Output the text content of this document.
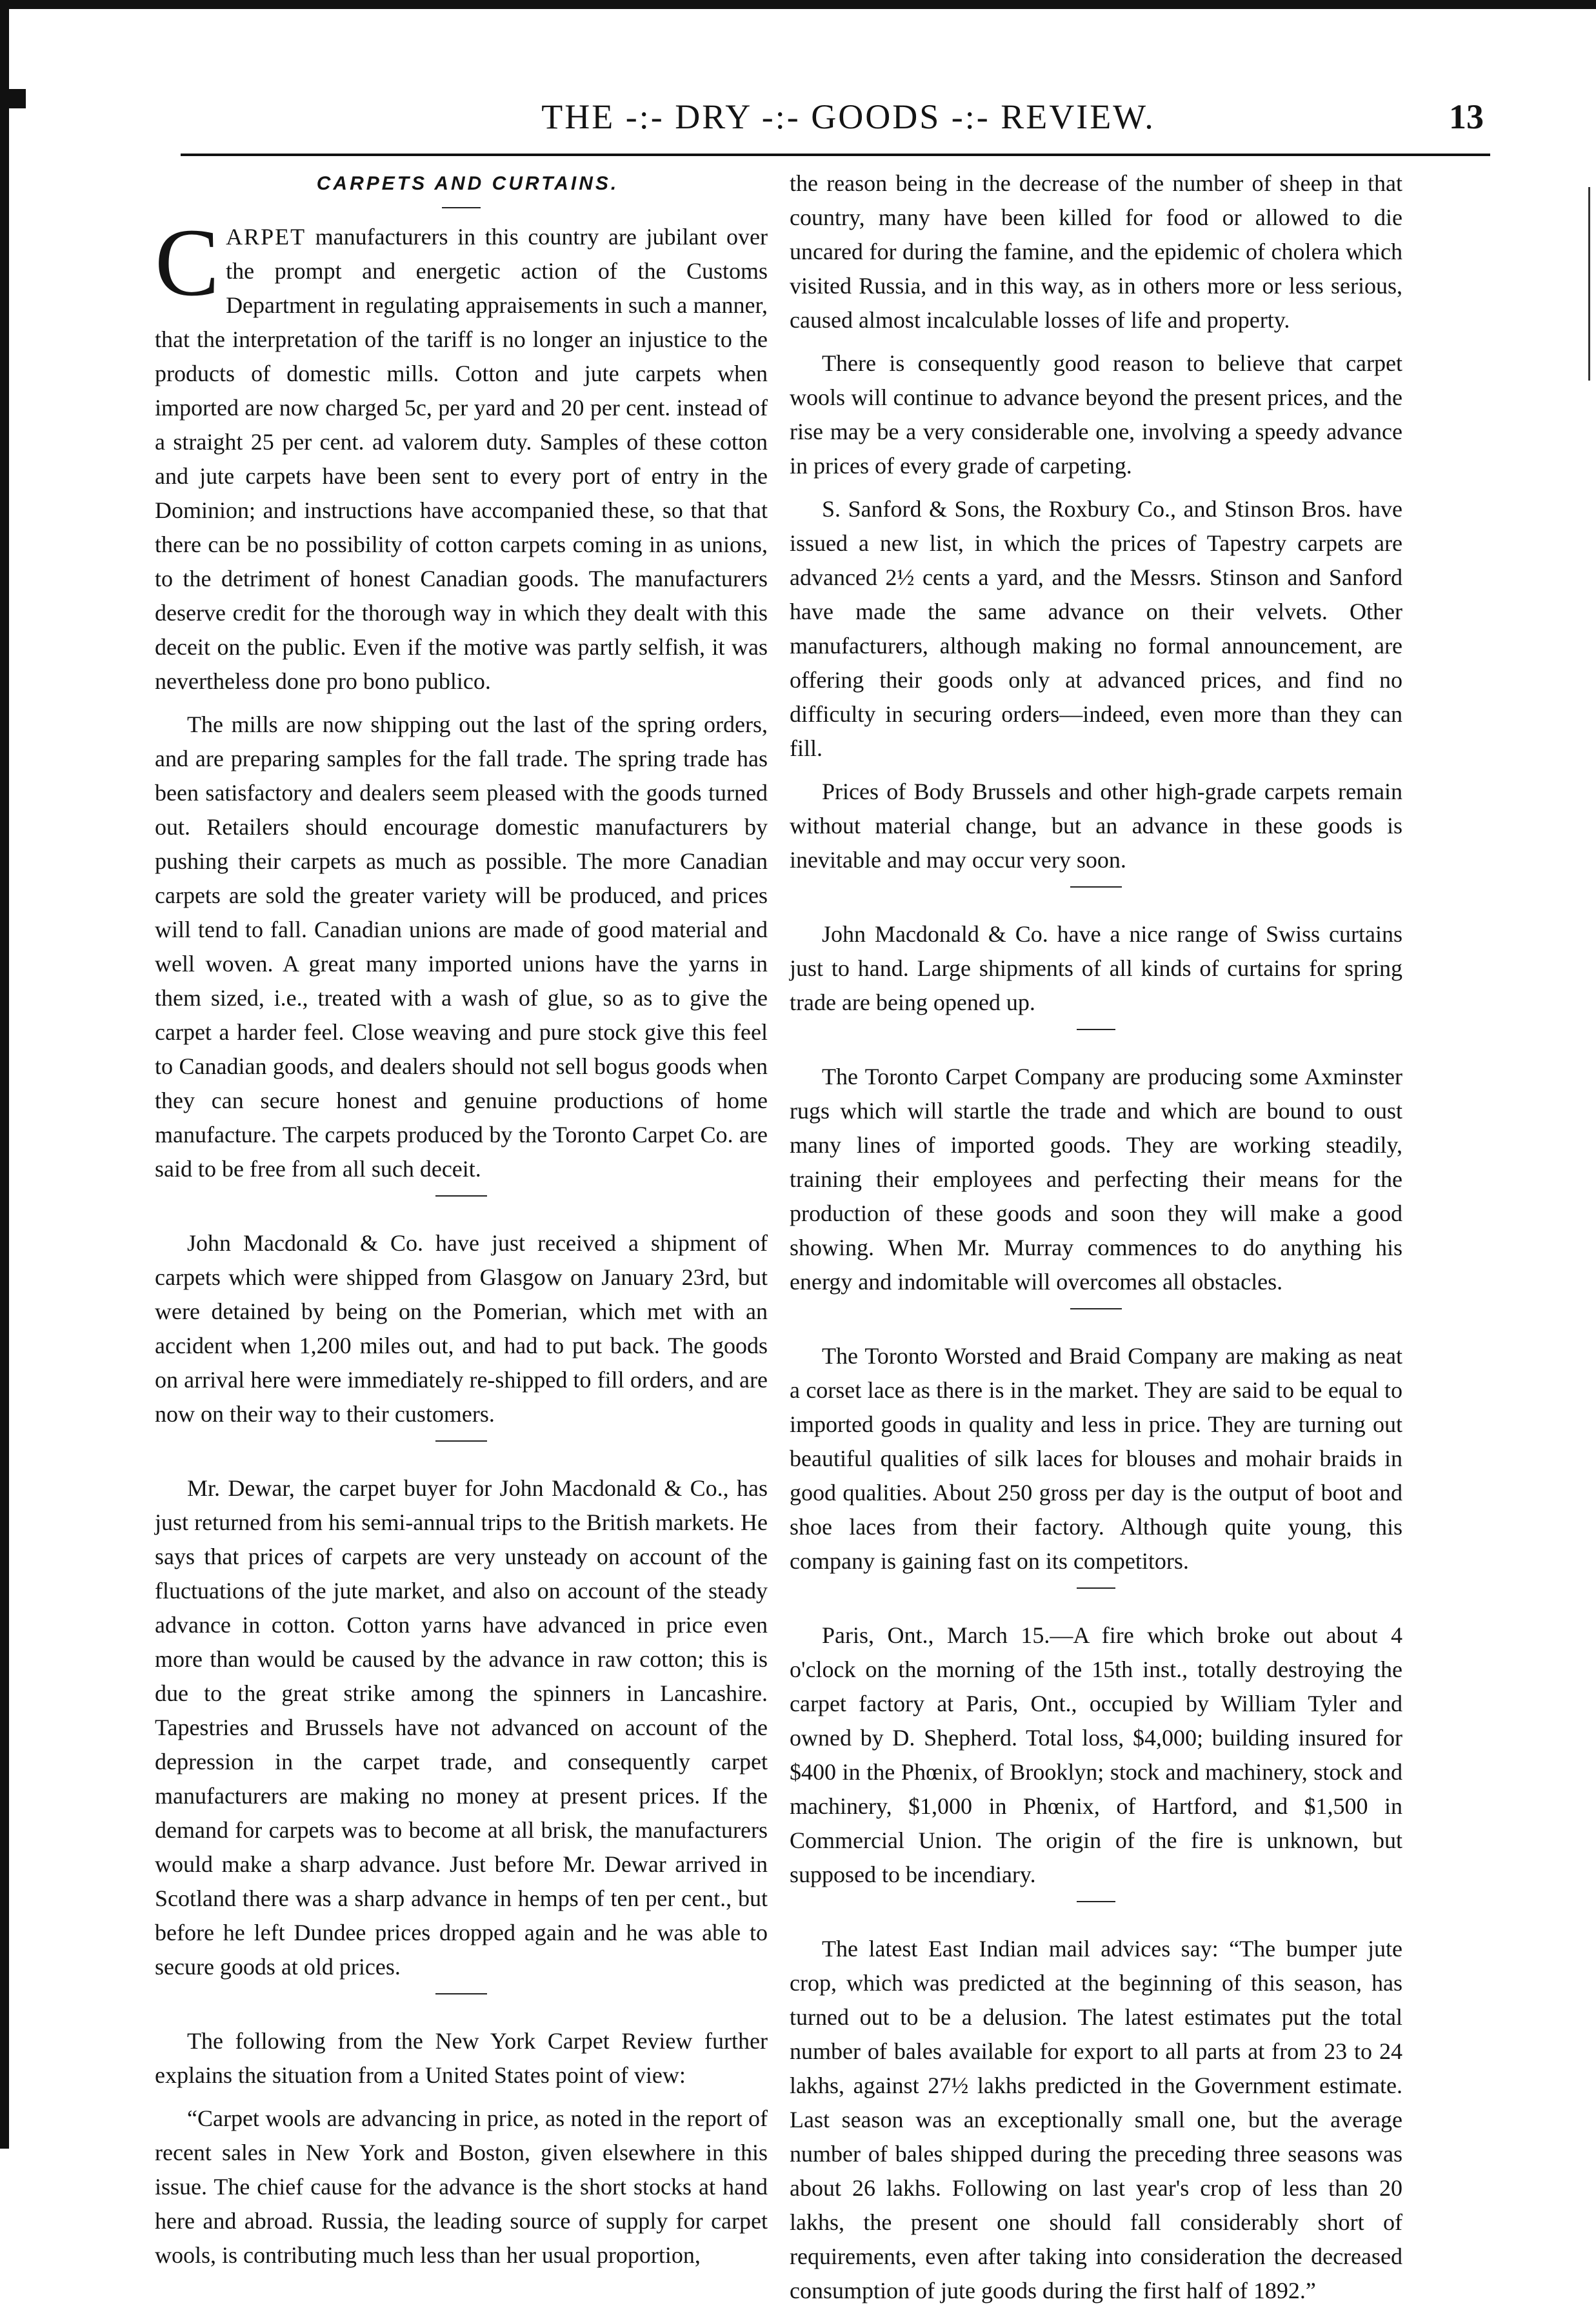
THE -:- DRY -:- GOODS -:- REVIEW.	13
CARPETS AND CURTAINS.

CARPET manufacturers in this country are jubilant over the prompt and energetic action of the Customs Department in regulating appraisements in such a manner, that the interpretation of the tariff is no longer an injustice to the products of domestic mills. Cotton and jute carpets when imported are now charged 5c, per yard and 20 per cent. instead of a straight 25 per cent. ad valorem duty. Samples of these cotton and jute carpets have been sent to every port of entry in the Dominion; and instructions have accompanied these, so that that there can be no possibility of cotton carpets coming in as unions, to the detriment of honest Canadian goods. The manufacturers deserve credit for the thorough way in which they dealt with this deceit on the public. Even if the motive was partly selfish, it was nevertheless done pro bono publico.

The mills are now shipping out the last of the spring orders, and are preparing samples for the fall trade. The spring trade has been satisfactory and dealers seem pleased with the goods turned out. Retailers should encourage domestic manufacturers by pushing their carpets as much as possible. The more Canadian carpets are sold the greater variety will be produced, and prices will tend to fall. Canadian unions are made of good material and well woven. A great many imported unions have the yarns in them sized, i.e., treated with a wash of glue, so as to give the carpet a harder feel. Close weaving and pure stock give this feel to Canadian goods, and dealers should not sell bogus goods when they can secure honest and genuine productions of home manufacture. The carpets produced by the Toronto Carpet Co. are said to be free from all such deceit.

John Macdonald & Co. have just received a shipment of carpets which were shipped from Glasgow on January 23rd, but were detained by being on the Pomerian, which met with an accident when 1,200 miles out, and had to put back. The goods on arrival here were immediately re-shipped to fill orders, and are now on their way to their customers.

Mr. Dewar, the carpet buyer for John Macdonald & Co., has just returned from his semi-annual trips to the British markets. He says that prices of carpets are very unsteady on account of the fluctuations of the jute market, and also on account of the steady advance in cotton. Cotton yarns have advanced in price even more than would be caused by the advance in raw cotton; this is due to the great strike among the spinners in Lancashire. Tapestries and Brussels have not advanced on account of the depression in the carpet trade, and consequently carpet manufacturers are making no money at present prices. If the demand for carpets was to become at all brisk, the manufacturers would make a sharp advance. Just before Mr. Dewar arrived in Scotland there was a sharp advance in hemps of ten per cent., but before he left Dundee prices dropped again and he was able to secure goods at old prices.

The following from the New York Carpet Review further explains the situation from a United States point of view:

“Carpet wools are advancing in price, as noted in the report of recent sales in New York and Boston, given elsewhere in this issue. The chief cause for the advance is the short stocks at hand here and abroad. Russia, the leading source of supply for carpet wools, is contributing much less than her usual proportion,

the reason being in the decrease of the number of sheep in that country, many have been killed for food or allowed to die uncared for during the famine, and the epidemic of cholera which visited Russia, and in this way, as in others more or less serious, caused almost incalculable losses of life and property.

There is consequently good reason to believe that carpet wools will continue to advance beyond the present prices, and the rise may be a very considerable one, involving a speedy advance in prices of every grade of carpeting.

S. Sanford & Sons, the Roxbury Co., and Stinson Bros. have issued a new list, in which the prices of Tapestry carpets are advanced 2½ cents a yard, and the Messrs. Stinson and Sanford have made the same advance on their velvets. Other manufacturers, although making no formal announcement, are offering their goods only at advanced prices, and find no difficulty in securing orders—indeed, even more than they can fill.

Prices of Body Brussels and other high-grade carpets remain without material change, but an advance in these goods is inevitable and may occur very soon.

John Macdonald & Co. have a nice range of Swiss curtains just to hand. Large shipments of all kinds of curtains for spring trade are being opened up.

The Toronto Carpet Company are producing some Axminster rugs which will startle the trade and which are bound to oust many lines of imported goods. They are working steadily, training their employees and perfecting their means for the production of these goods and soon they will make a good showing. When Mr. Murray commences to do anything his energy and indomitable will overcomes all obstacles.

The Toronto Worsted and Braid Company are making as neat a corset lace as there is in the market. They are said to be equal to imported goods in quality and less in price. They are turning out beautiful qualities of silk laces for blouses and mohair braids in good qualities. About 250 gross per day is the output of boot and shoe laces from their factory. Although quite young, this company is gaining fast on its competitors.

Paris, Ont., March 15.—A fire which broke out about 4 o'clock on the morning of the 15th inst., totally destroying the carpet factory at Paris, Ont., occupied by William Tyler and owned by D. Shepherd. Total loss, $4,000; building insured for $400 in the Phœnix, of Brooklyn; stock and machinery, stock and machinery, $1,000 in Phœnix, of Hartford, and $1,500 in Commercial Union. The origin of the fire is unknown, but supposed to be incendiary.

The latest East Indian mail advices say: “The bumper jute crop, which was predicted at the beginning of this season, has turned out to be a delusion. The latest estimates put the total number of bales available for export to all parts at from 23 to 24 lakhs, against 27½ lakhs predicted in the Government estimate. Last season was an exceptionally small one, but the average number of bales shipped during the preceding three seasons was about 26 lakhs. Following on last year's crop of less than 20 lakhs, the present one should fall considerably short of requirements, even after taking into consideration the decreased consumption of jute goods during the first half of 1892.”
